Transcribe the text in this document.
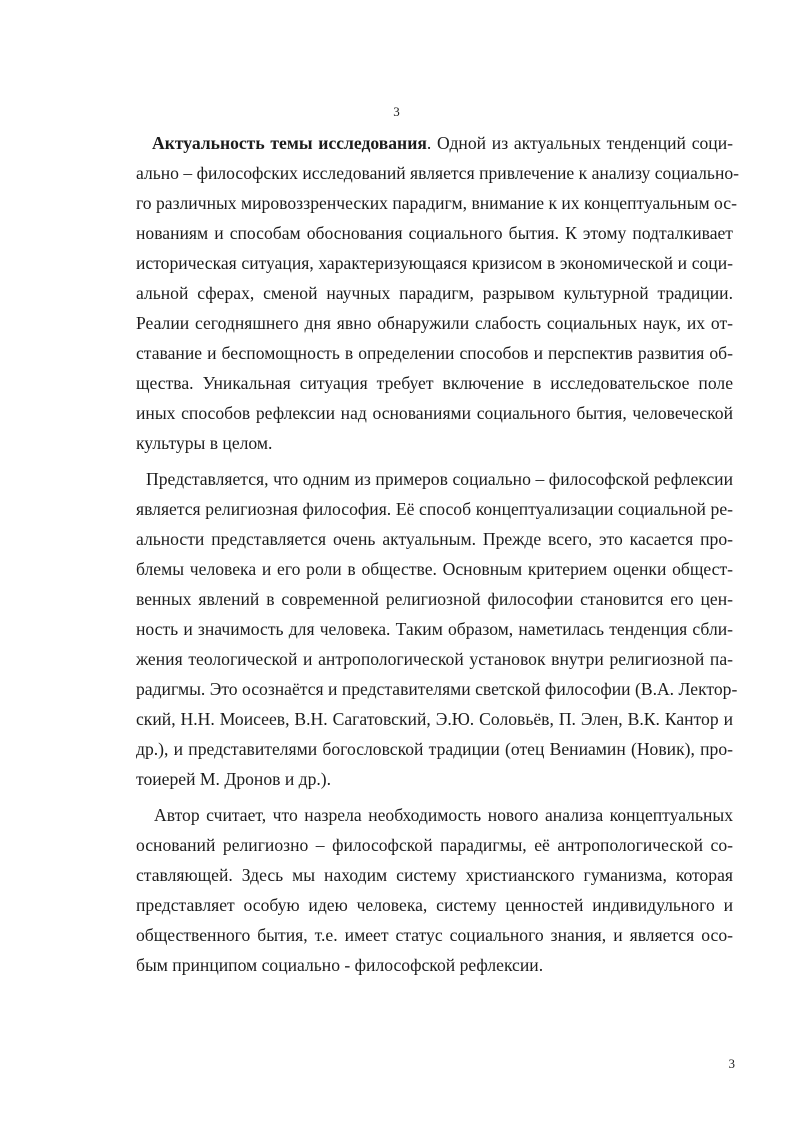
3
Актуальность темы исследования. Одной из актуальных тенденций соци-
ально – философских исследований является привлечение к анализу социально-
го различных мировоззренческих парадигм, внимание к их концептуальным ос-
нованиям и способам обоснования социального бытия. К этому подталкивает
историческая ситуация, характеризующаяся кризисом в экономической и соци-
альной сферах, сменой научных парадигм, разрывом культурной традиции.
Реалии сегодняшнего дня явно обнаружили слабость социальных наук, их от-
ставание и беспомощность в определении способов и перспектив развития об-
щества. Уникальная ситуация требует включение в исследовательское поле
иных способов рефлексии над основаниями социального бытия, человеческой
культуры в целом.
Представляется, что одним из примеров социально – философской рефлексии
является религиозная философия. Её способ концептуализации социальной ре-
альности представляется очень актуальным. Прежде всего, это касается про-
блемы человека и его роли в обществе. Основным критерием оценки общест-
венных явлений в современной религиозной философии становится его цен-
ность и значимость для человека. Таким образом, наметилась тенденция сбли-
жения теологической и антропологической установок внутри религиозной па-
радигмы. Это осознаётся и представителями светской философии (В.А. Лектор-
ский, Н.Н. Моисеев, В.Н. Сагатовский, Э.Ю. Соловьёв, П. Элен, В.К. Кантор и
др.), и представителями богословской традиции (отец Вениамин (Новик), про-
тоиерей М. Дронов и др.).
Автор считает, что назрела необходимость нового анализа концептуальных
оснований религиозно – философской парадигмы, её антропологической со-
ставляющей. Здесь мы находим систему христианского гуманизма, которая
представляет особую идею человека, систему ценностей индивидульного и
общественного бытия, т.е. имеет статус социального знания, и является осо-
бым принципом социально - философской рефлексии.
3
